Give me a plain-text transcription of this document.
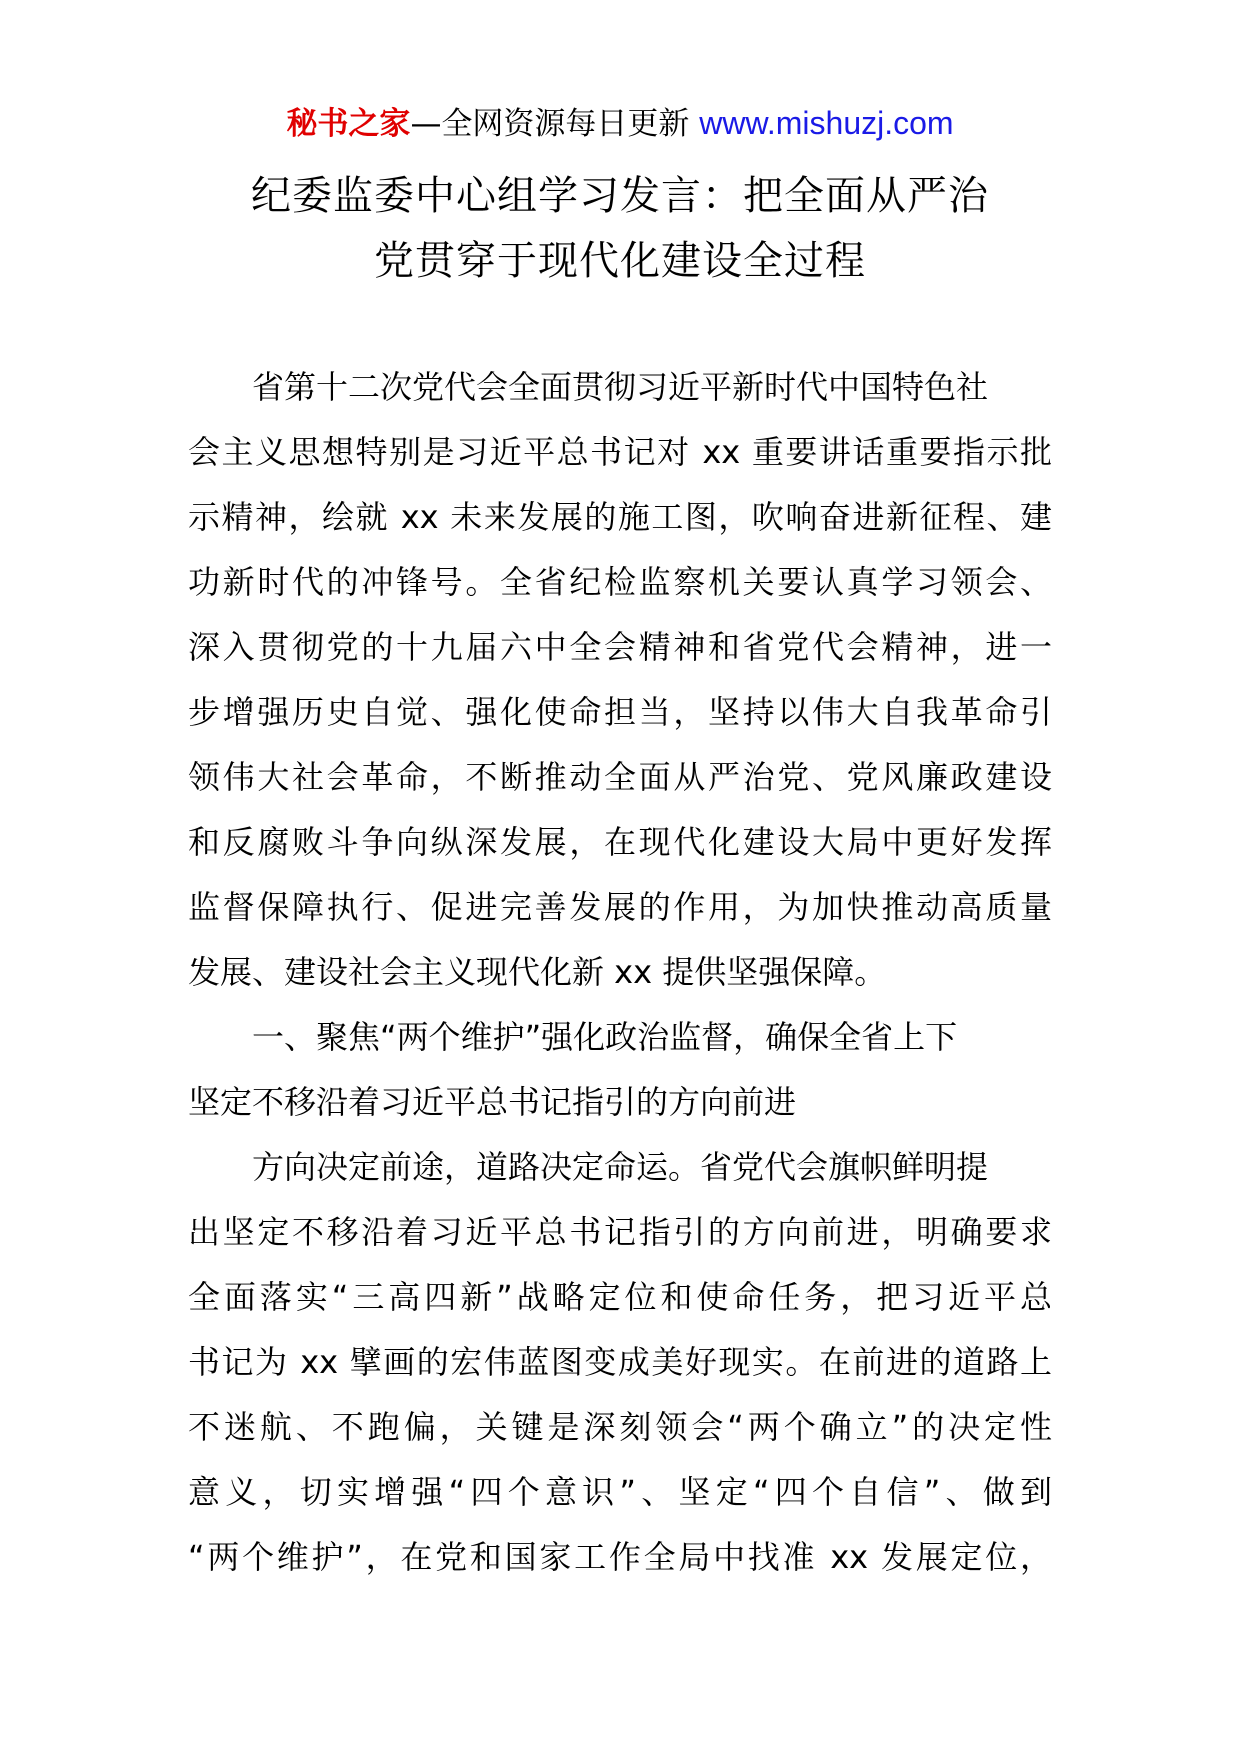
秘书之家—全网资源每日更新 www.mishuzj.com
纪委监委中心组学习发言：把全面从严治
党贯穿于现代化建设全过程
省第十二次党代会全面贯彻习近平新时代中国特色社
会主义思想特别是习近平总书记对 xx 重要讲话重要指示批
示精神，绘就 xx 未来发展的施工图，吹响奋进新征程、建
功新时代的冲锋号。全省纪检监察机关要认真学习领会、
深入贯彻党的十九届六中全会精神和省党代会精神，进一
步增强历史自觉、强化使命担当，坚持以伟大自我革命引
领伟大社会革命，不断推动全面从严治党、党风廉政建设
和反腐败斗争向纵深发展，在现代化建设大局中更好发挥
监督保障执行、促进完善发展的作用，为加快推动高质量
发展、建设社会主义现代化新 xx 提供坚强保障。
一、聚焦“两个维护”强化政治监督，确保全省上下
坚定不移沿着习近平总书记指引的方向前进
方向决定前途，道路决定命运。省党代会旗帜鲜明提
出坚定不移沿着习近平总书记指引的方向前进，明确要求
全面落实“三高四新”战略定位和使命任务，把习近平总
书记为 xx 擘画的宏伟蓝图变成美好现实。在前进的道路上
不迷航、不跑偏，关键是深刻领会“两个确立”的决定性
意义，切实增强“四个意识”、坚定“四个自信”、做到
“两个维护”，在党和国家工作全局中找准 xx 发展定位，
